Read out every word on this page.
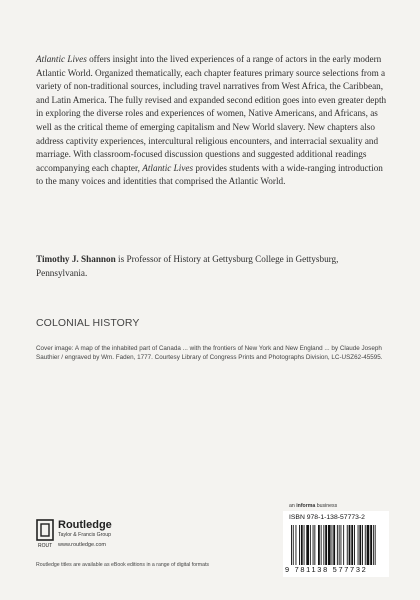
Atlantic Lives offers insight into the lived experiences of a range of actors in the early modern Atlantic World. Organized thematically, each chapter features primary source selections from a variety of non-traditional sources, including travel narratives from West Africa, the Caribbean, and Latin America. The fully revised and expanded second edition goes into even greater depth in exploring the diverse roles and experiences of women, Native Americans, and Africans, as well as the critical theme of emerging capitalism and New World slavery. New chapters also address captivity experiences, intercultural religious encounters, and interracial sexuality and marriage. With classroom-focused discussion questions and suggested additional readings accompanying each chapter, Atlantic Lives provides students with a wide-ranging introduction to the many voices and identities that comprised the Atlantic World.

Timothy J. Shannon is Professor of History at Gettysburg College in Gettysburg, Pennsylvania.

COLONIAL HISTORY

Cover image: A map of the inhabited part of Canada ... with the frontiers of New York and New England ... by Claude Joseph Sauthier / engraved by Wm. Faden, 1777. Courtesy Library of Congress Prints and Photographs Division, LC-USZ62-45595.

ROUT
Routledge
Taylor & Francis Group
www.routledge.com
Routledge titles are available as eBook editions in a range of digital formats
an informa business
ISBN 978-1-138-57773-2
9 781138 577732
